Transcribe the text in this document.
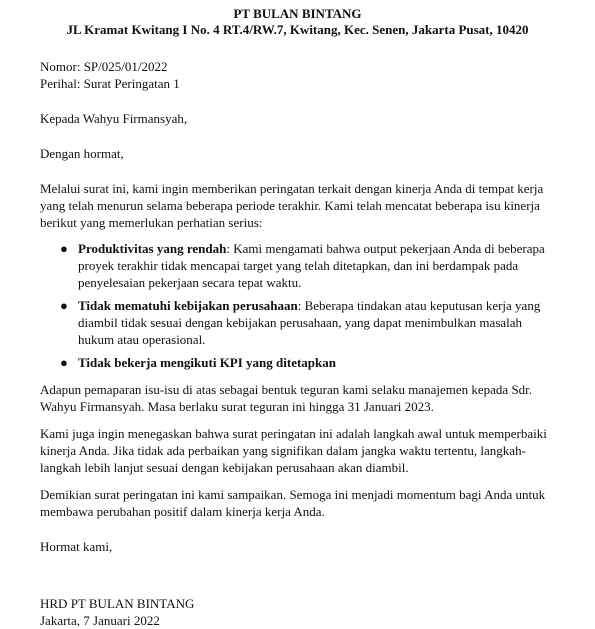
PT BULAN BINTANG
JL Kramat Kwitang I No. 4 RT.4/RW.7, Kwitang, Kec. Senen, Jakarta Pusat, 10420
Nomor: SP/025/01/2022
Perihal: Surat Peringatan 1
Kepada Wahyu Firmansyah,
Dengan hormat,
Melalui surat ini, kami ingin memberikan peringatan terkait dengan kinerja Anda di tempat kerja yang telah menurun selama beberapa periode terakhir. Kami telah mencatat beberapa isu kinerja berikut yang memerlukan perhatian serius:
● Produktivitas yang rendah: Kami mengamati bahwa output pekerjaan Anda di beberapa proyek terakhir tidak mencapai target yang telah ditetapkan, dan ini berdampak pada penyelesaian pekerjaan secara tepat waktu.
● Tidak mematuhi kebijakan perusahaan: Beberapa tindakan atau keputusan kerja yang diambil tidak sesuai dengan kebijakan perusahaan, yang dapat menimbulkan masalah hukum atau operasional.
● Tidak bekerja mengikuti KPI yang ditetapkan
Adapun pemaparan isu-isu di atas sebagai bentuk teguran kami selaku manajemen kepada Sdr. Wahyu Firmansyah. Masa berlaku surat teguran ini hingga 31 Januari 2023.
Kami juga ingin menegaskan bahwa surat peringatan ini adalah langkah awal untuk memperbaiki kinerja Anda. Jika tidak ada perbaikan yang signifikan dalam jangka waktu tertentu, langkah-langkah lebih lanjut sesuai dengan kebijakan perusahaan akan diambil.
Demikian surat peringatan ini kami sampaikan. Semoga ini menjadi momentum bagi Anda untuk membawa perubahan positif dalam kinerja kerja Anda.
Hormat kami,
HRD PT BULAN BINTANG
Jakarta, 7 Januari 2022
